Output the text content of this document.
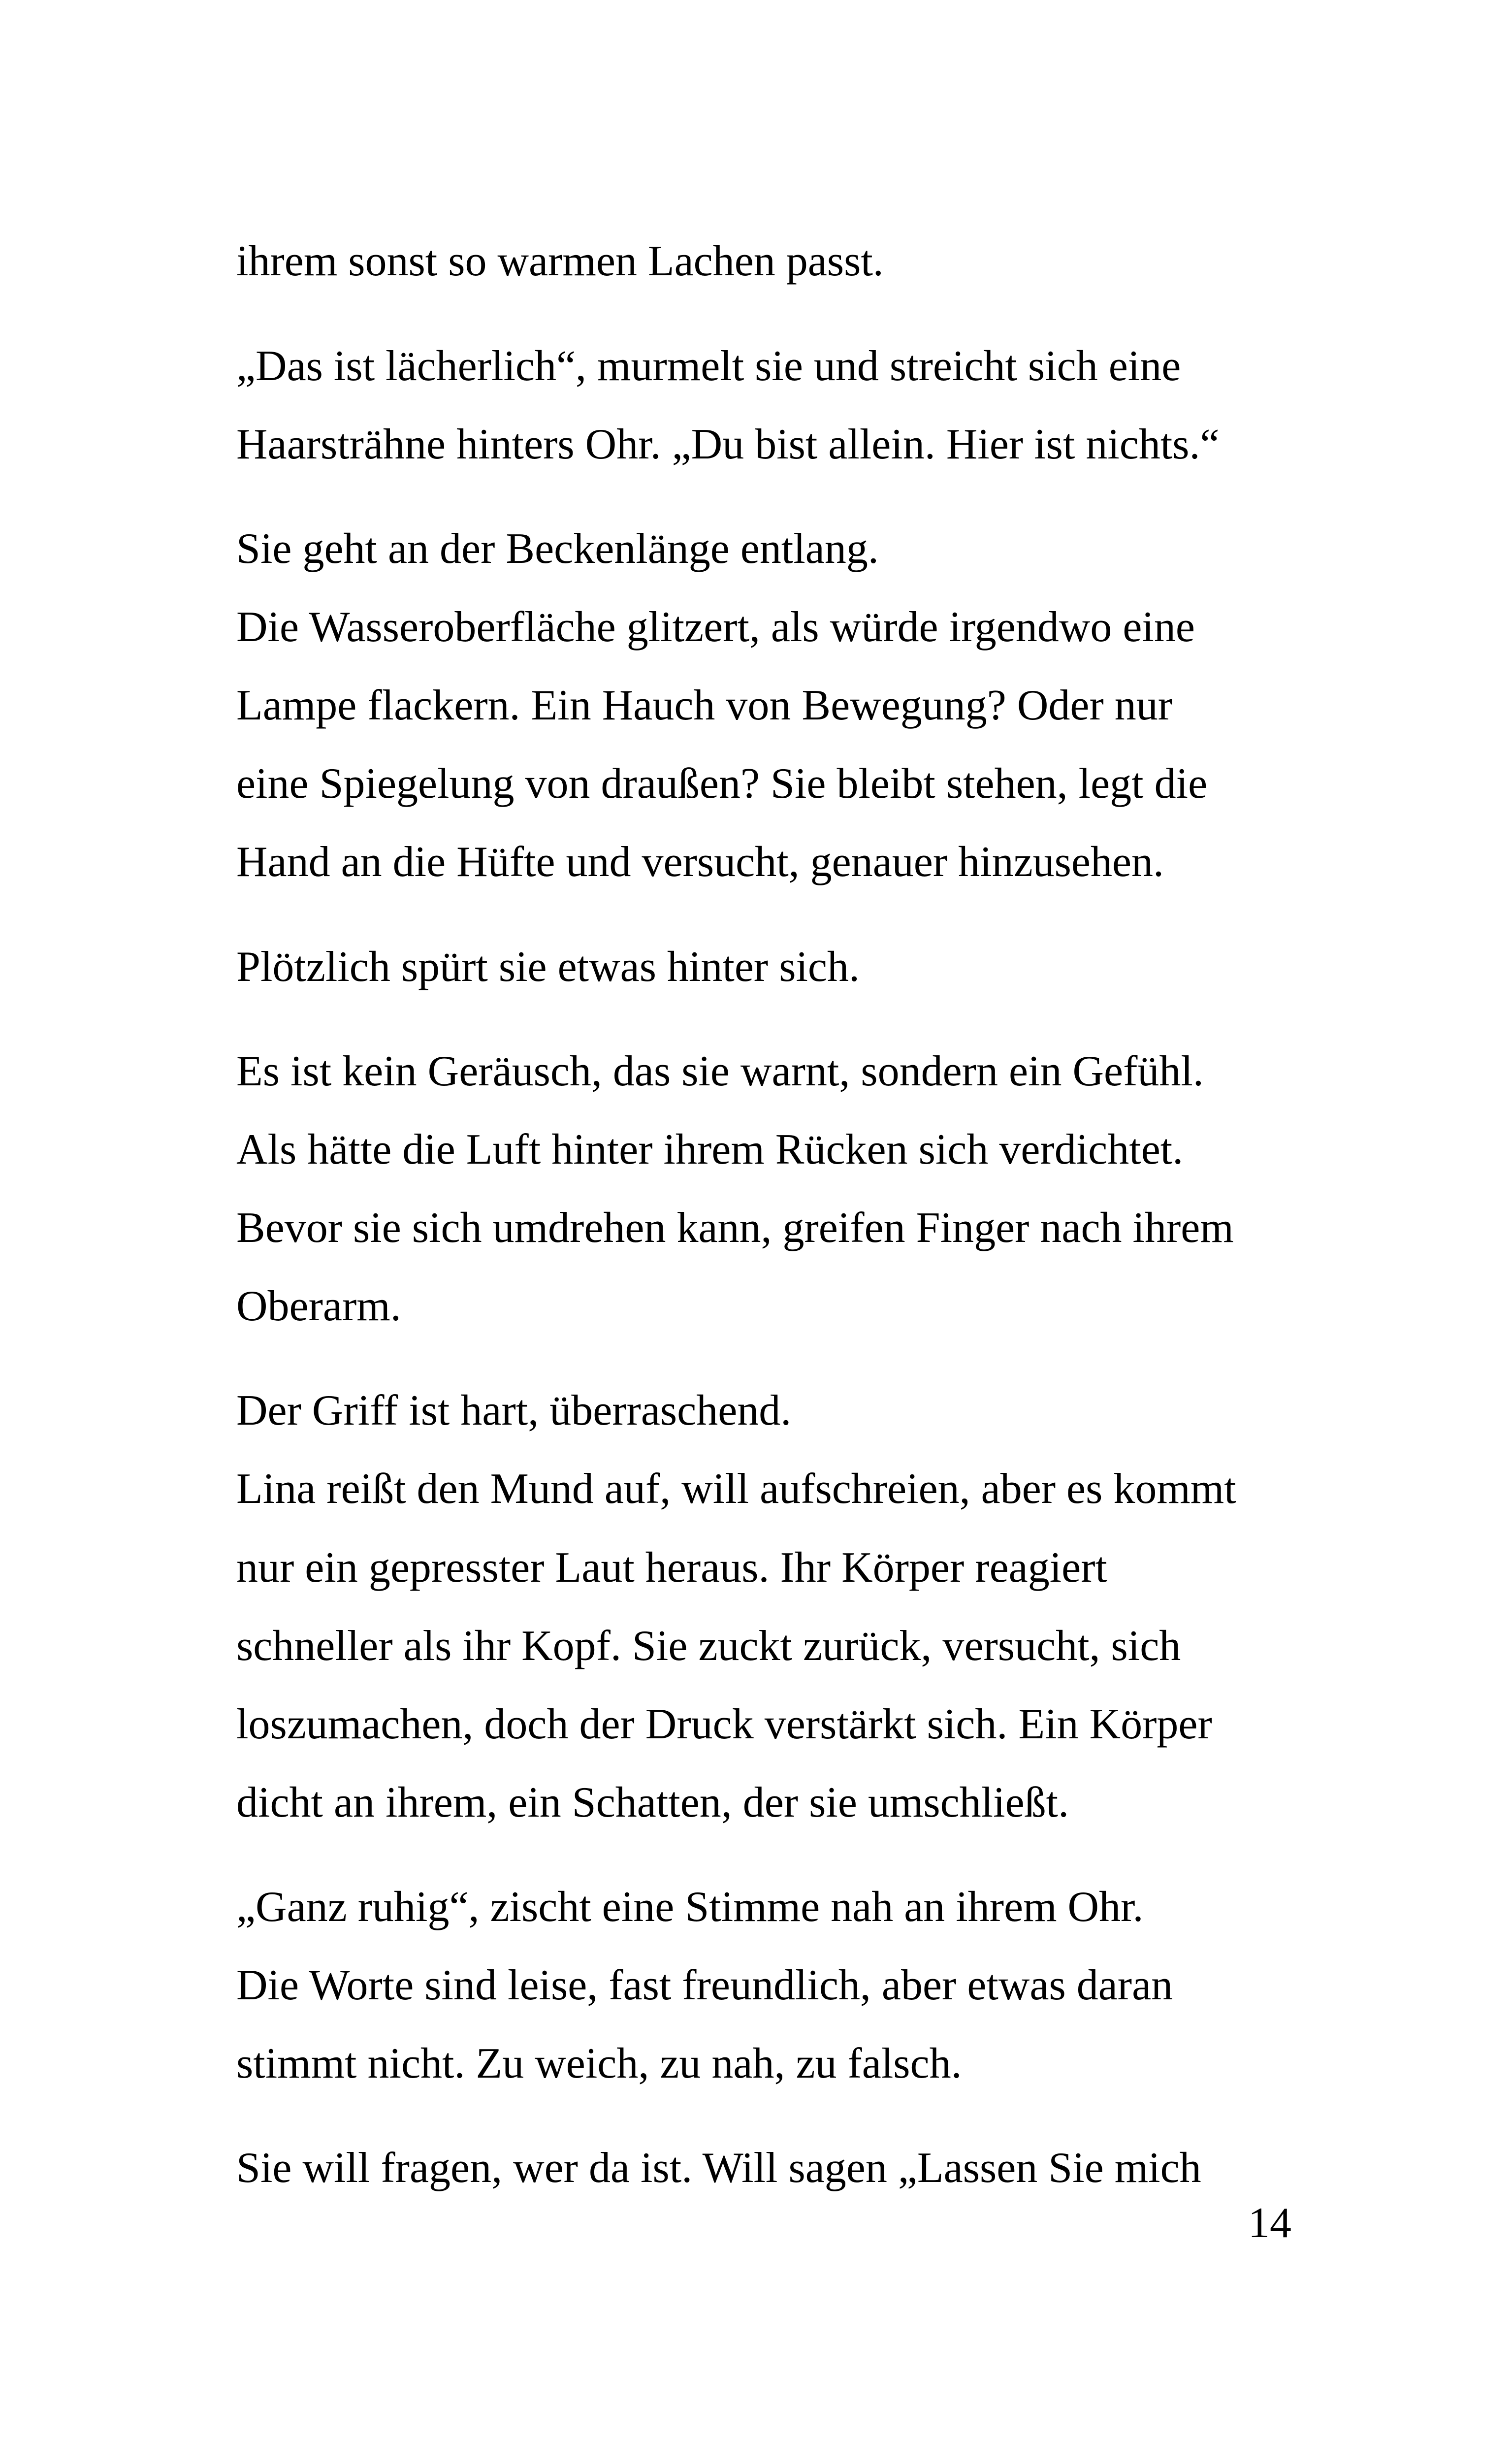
ihrem sonst so warmen Lachen passt.
„Das ist lächerlich“, murmelt sie und streicht sich eine
Haarsträhne hinters Ohr. „Du bist allein. Hier ist nichts.“
Sie geht an der Beckenlänge entlang.
Die Wasseroberfläche glitzert, als würde irgendwo eine
Lampe flackern. Ein Hauch von Bewegung? Oder nur
eine Spiegelung von draußen? Sie bleibt stehen, legt die
Hand an die Hüfte und versucht, genauer hinzusehen.
Plötzlich spürt sie etwas hinter sich.
Es ist kein Geräusch, das sie warnt, sondern ein Gefühl.
Als hätte die Luft hinter ihrem Rücken sich verdichtet.
Bevor sie sich umdrehen kann, greifen Finger nach ihrem
Oberarm.
Der Griff ist hart, überraschend.
Lina reißt den Mund auf, will aufschreien, aber es kommt
nur ein gepresster Laut heraus. Ihr Körper reagiert
schneller als ihr Kopf. Sie zuckt zurück, versucht, sich
loszumachen, doch der Druck verstärkt sich. Ein Körper
dicht an ihrem, ein Schatten, der sie umschließt.
„Ganz ruhig“, zischt eine Stimme nah an ihrem Ohr.
Die Worte sind leise, fast freundlich, aber etwas daran
stimmt nicht. Zu weich, zu nah, zu falsch.
Sie will fragen, wer da ist. Will sagen „Lassen Sie mich
14
